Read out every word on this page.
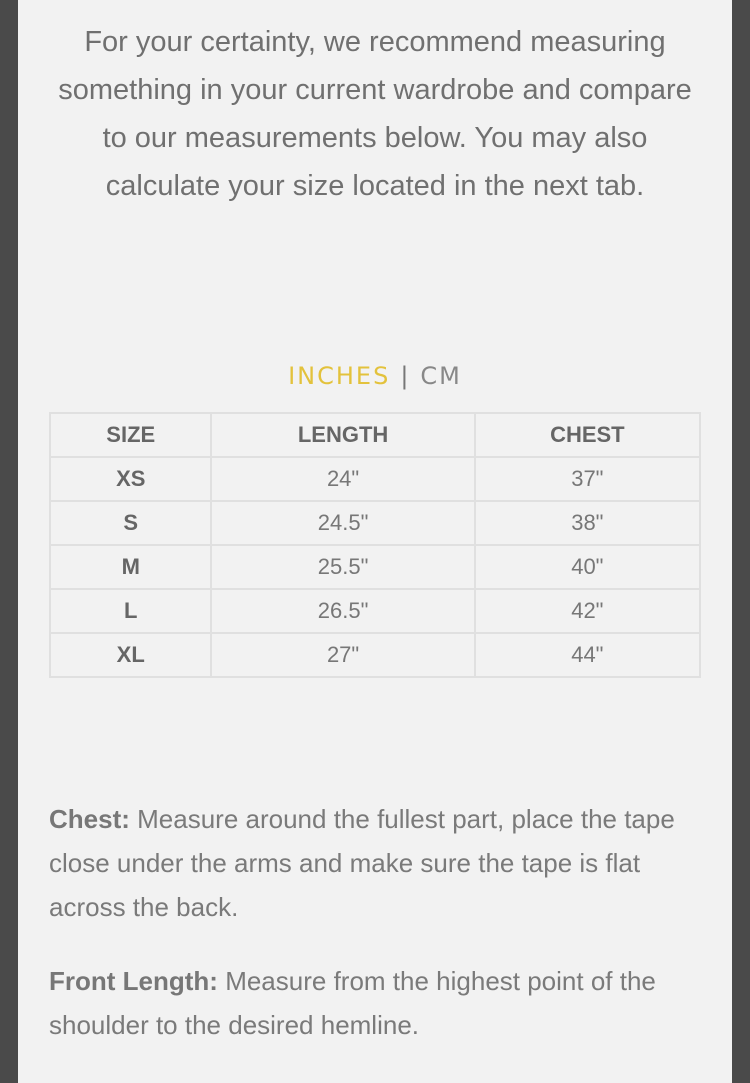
For your certainty, we recommend measuring something in your current wardrobe and compare to our measurements below. You may also calculate your size located in the next tab.

INCHES | CM
SIZE	LENGTH	CHEST
XS	24"	37"
S	24.5"	38"
M	25.5"	40"
L	26.5"	42"
XL	27"	44"

Chest: Measure around the fullest part, place the tape close under the arms and make sure the tape is flat across the back.

Front Length: Measure from the highest point of the shoulder to the desired hemline.
